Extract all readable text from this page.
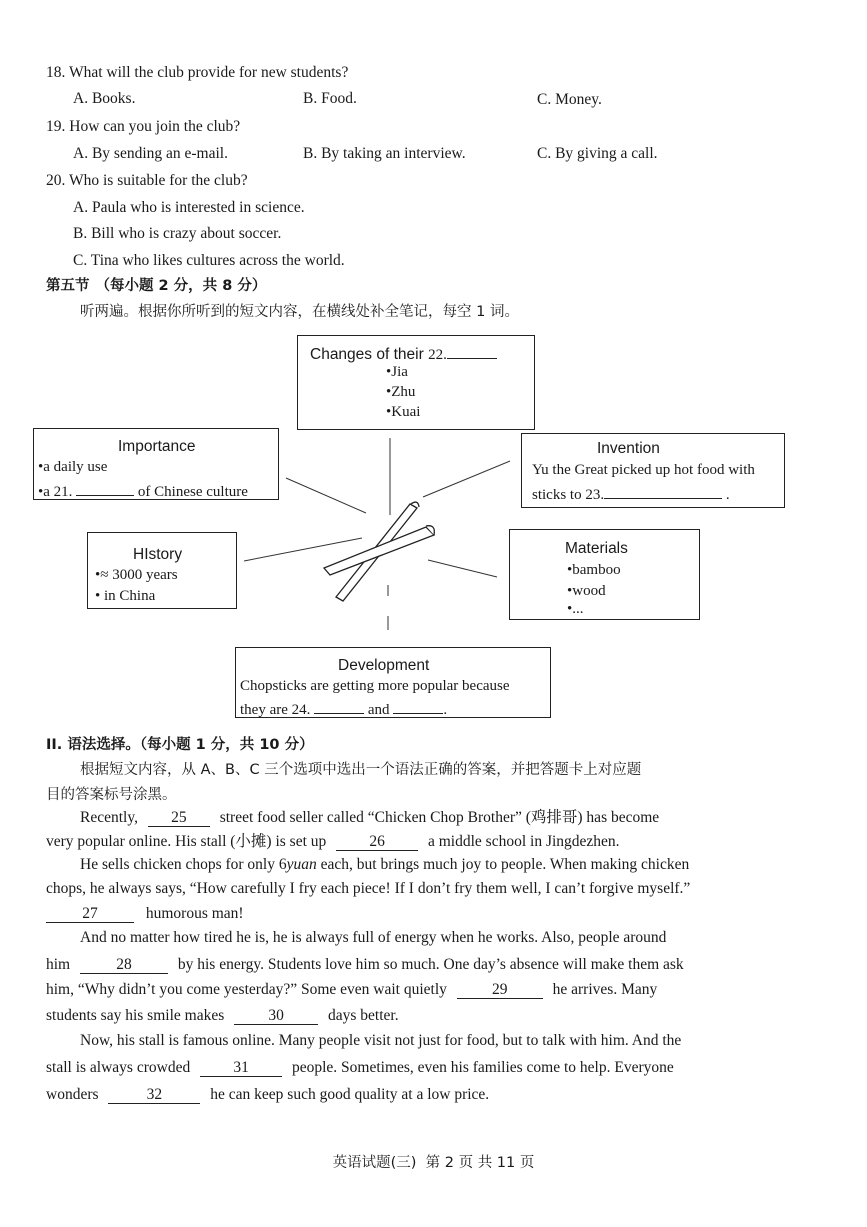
18. What will the club provide for new students?
A. Books.	B. Food.	C. Money.
19. How can you join the club?
A. By sending an e-mail.	B. By taking an interview.	C. By giving a call.
20. Who is suitable for the club?
A. Paula who is interested in science.
B. Bill who is crazy about soccer.
C. Tina who likes cultures across the world.
第五节 （每小题 2 分，共 8 分）
听两遍。根据你所听到的短文内容，在横线处补全笔记，每空 1 词。
Changes of their 22.
•Jia
•Zhu
•Kuai
Importance
•a daily use
•a 21.	of Chinese culture
Invention
Yu the Great picked up hot food with
sticks to 23.	.
HIstory
•≈ 3000 years
• in China
Materials
•bamboo
•wood
•...
Development
Chopsticks are getting more popular because
they are 24.	and	.
II. 语法选择。（每小题 1 分，共 10 分）
根据短文内容，从 A、B、C 三个选项中选出一个语法正确的答案，并把答题卡上对应题
目的答案标号涂黑。
Recently, 25 street food seller called “Chicken Chop Brother” (鸡排哥) has become
very popular online. His stall (小摊) is set up	26	a middle school in Jingdezhen.
He sells chicken chops for only 6yuan each, but brings much joy to people. When making chicken
chops, he always says, “How carefully I fry each piece! If I don’t fry them well, I can’t forgive myself.”
27	humorous man!
And no matter how tired he is, he is always full of energy when he works. Also, people around
him	28	by his energy. Students love him so much. One day’s absence will make them ask
him, “Why didn’t you come yesterday?” Some even wait quietly	29	he arrives. Many
students say his smile makes	30	days better.
Now, his stall is famous online. Many people visit not just for food, but to talk with him. And the
stall is always crowded	31	people. Sometimes, even his families come to help. Everyone
wonders	32	he can keep such good quality at a low price.
英语试题(三)  第 2 页 共 11 页
